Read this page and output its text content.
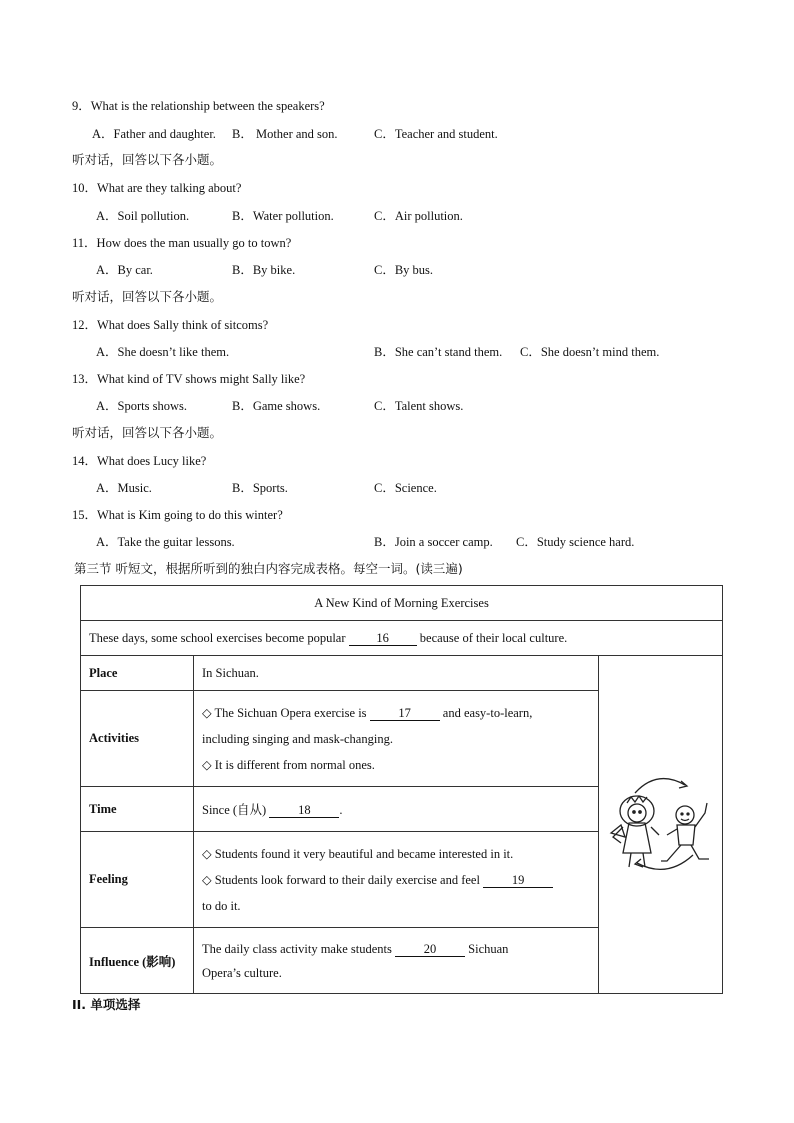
9．What is the relationship between the speakers?
A．Father and daughter. B． Mother and son.	C．Teacher and student.
听对话，回答以下各小题。
10．What are they talking about?
A．Soil pollution.	B．Water pollution.	C．Air pollution.
11．How does the man usually go to town?
A．By car.	B．By bike.	C．By bus.
听对话，回答以下各小题。
12．What does Sally think of sitcoms?
A．She doesn’t like them.	B．She can’t stand them. C．She doesn’t mind them.
13．What kind of TV shows might Sally like?
A．Sports shows.	B．Game shows.	C．Talent shows.
听对话，回答以下各小题。
14．What does Lucy like?
A．Music.	B．Sports.	C．Science.
15．What is Kim going to do this winter?
A．Take the guitar lessons.	B．Join a soccer camp. C．Study science hard.
第三节 听短文，根据所听到的独白内容完成表格。每空一词。(读三遍)
A New Kind of Morning Exercises		
These days, some school exercises become popular 16 because of their local culture.		
Place	In Sichuan.	
Activities	◇ The Sichuan Opera exercise is 17 and easy-to-learn,

including singing and mask-changing.

◇ It is different from normal ones.	

Time	Since (自从) 18 .	
Feeling	◇ Students found it very beautiful and became interested in it.

◇ Students look forward to their daily exercise and feel 19

to do it.	

Influence (影响)	The daily class activity make students 20 Sichuan

Opera’s culture.	

II. 单项选择
